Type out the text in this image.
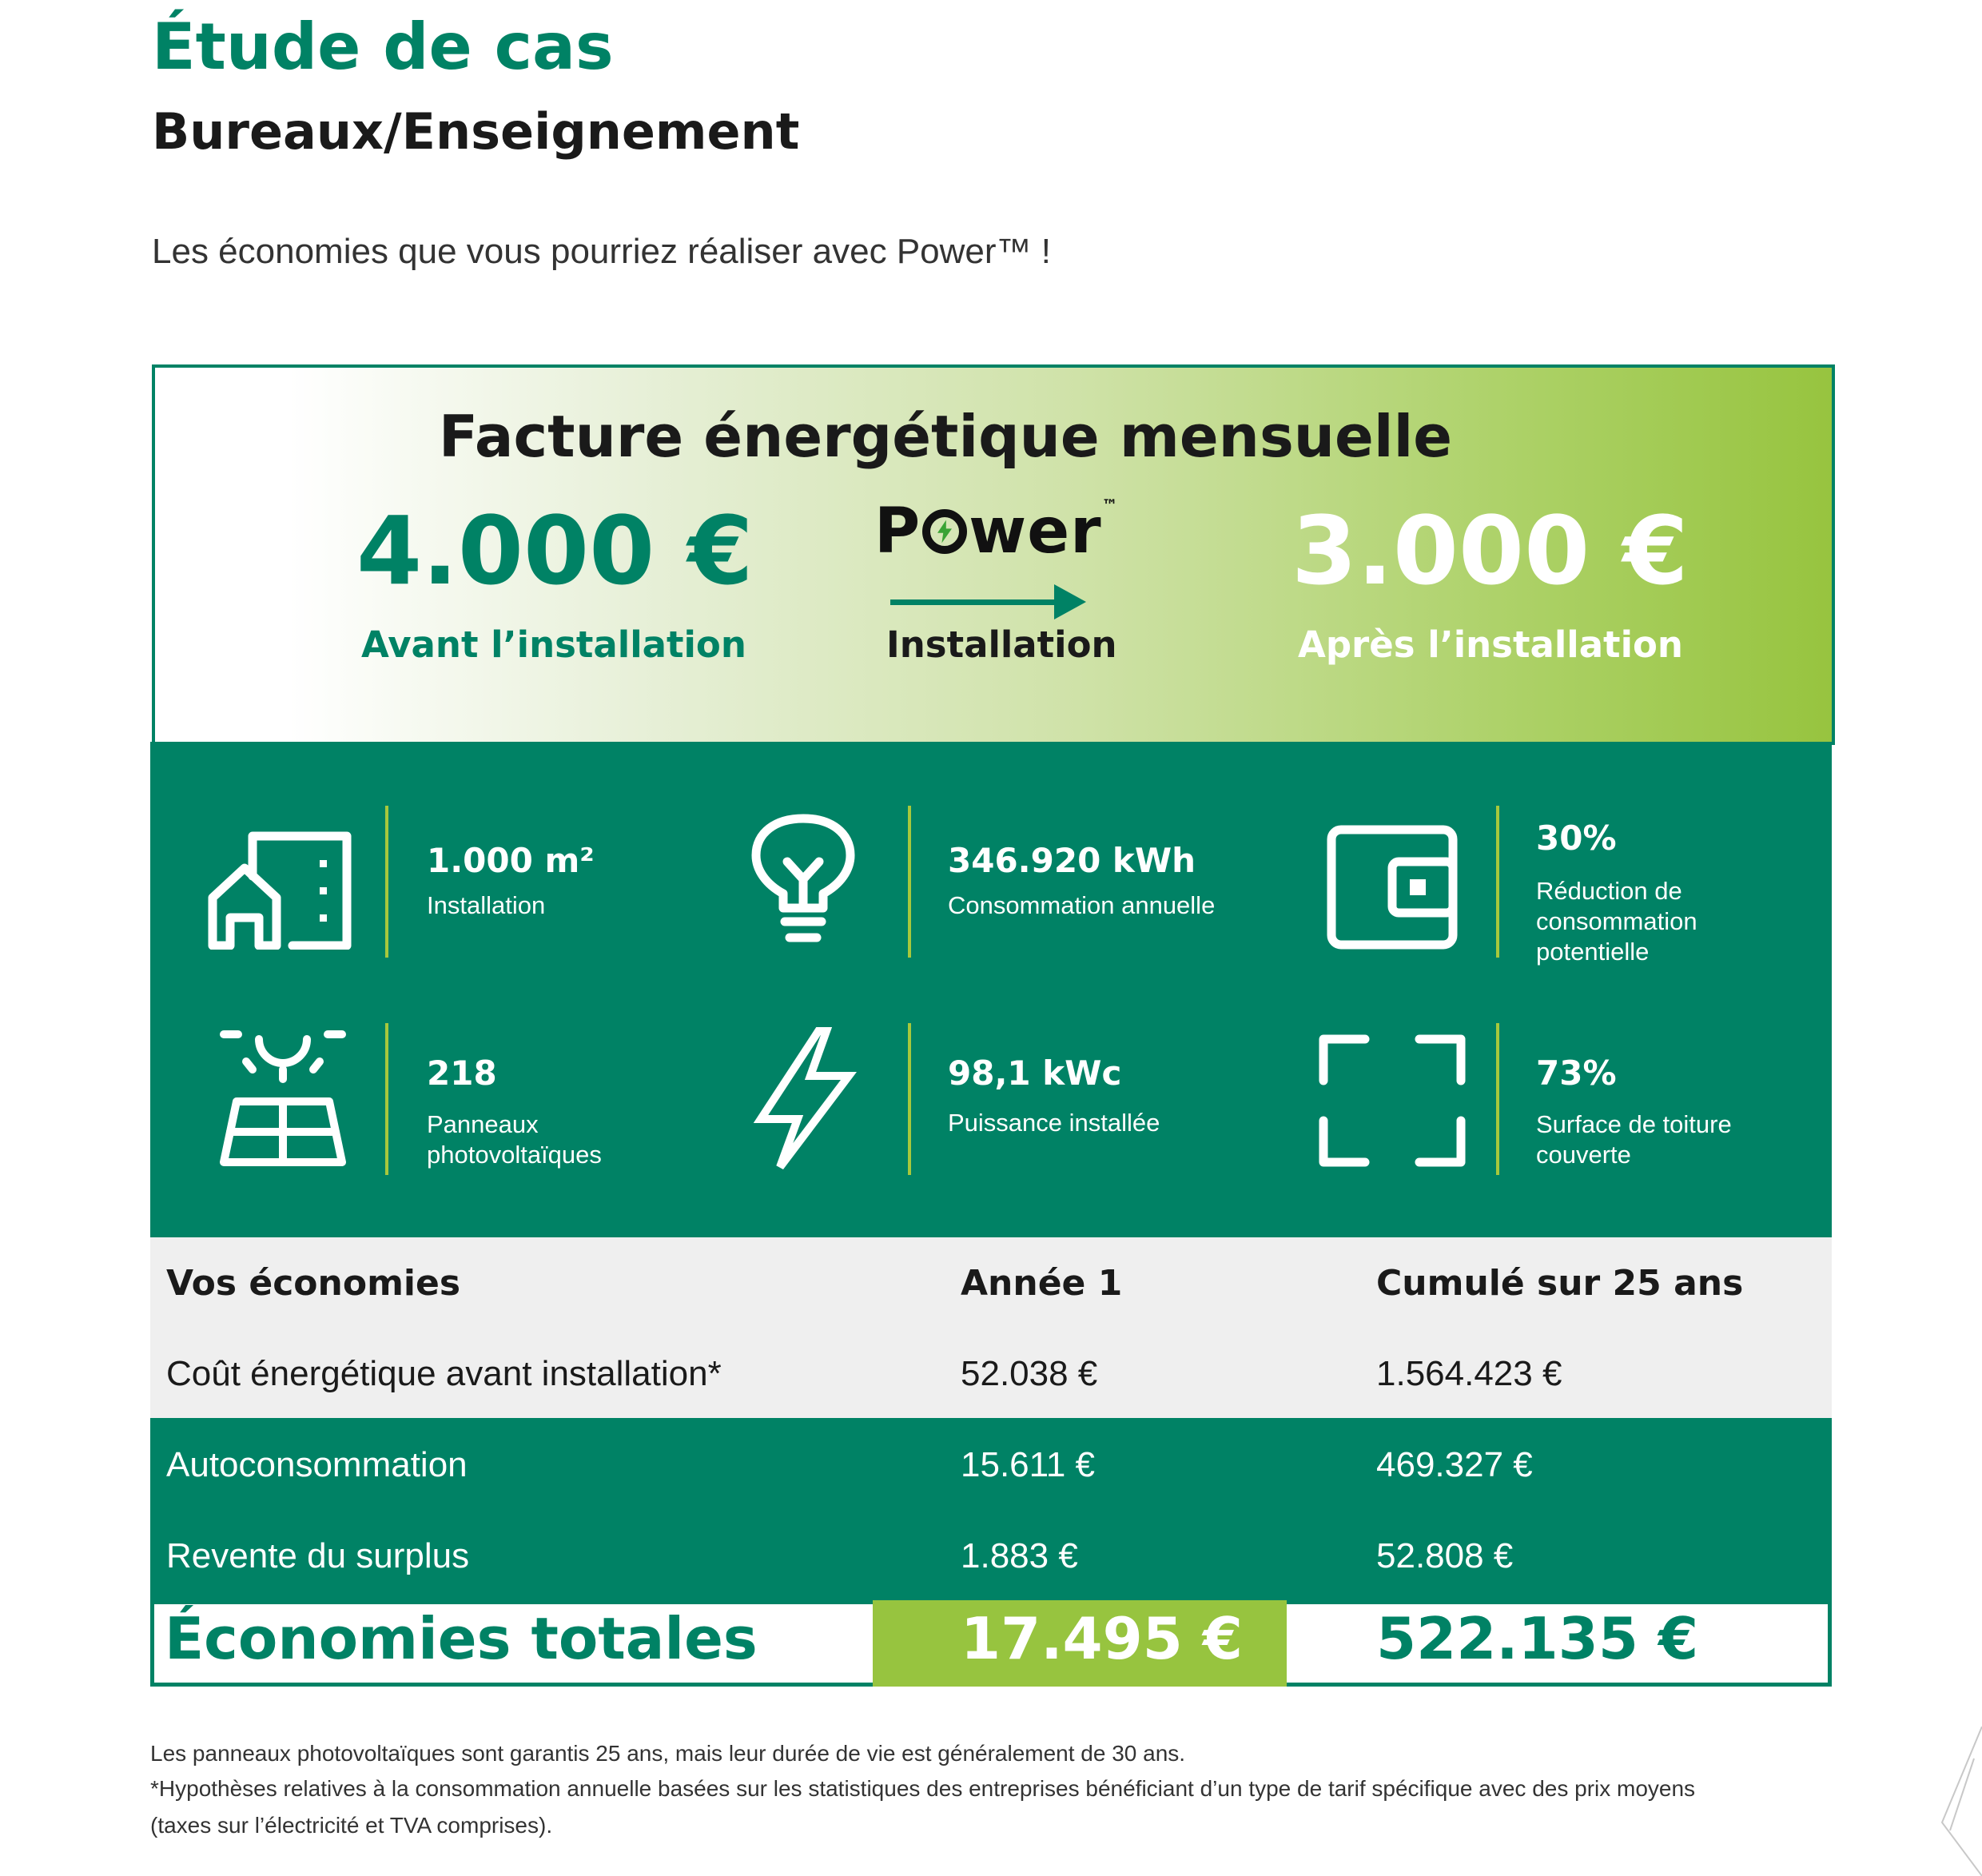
Étude de cas
Bureaux/Enseignement
Les économies que vous pourriez réaliser avec Power™ !
Facture énergétique mensuelle
4.000 €
Avant l’installation
P wer™
Installation
3.000 €
Après l’installation
1.000 m²
Installation
346.920 kWh
Consommation annuelle
30%
Réduction de
consommation
potentielle
218
Panneaux
photovoltaïques
98,1 kWc
Puissance installée
73%
Surface de toiture
couverte
Vos économies	Année 1	Cumulé sur 25 ans
Coût énergétique avant installation*	52.038 €	1.564.423 €
Autoconsommation	15.611 €	469.327 €
Revente du surplus	1.883 €	52.808 €
Économies totales	17.495 € 522.135 €
Les panneaux photovoltaïques sont garantis 25 ans, mais leur durée de vie est généralement de 30 ans.
*Hypothèses relatives à la consommation annuelle basées sur les statistiques des entreprises bénéficiant d’un type de tarif spécifique avec des prix moyens
(taxes sur l’électricité et TVA comprises).
